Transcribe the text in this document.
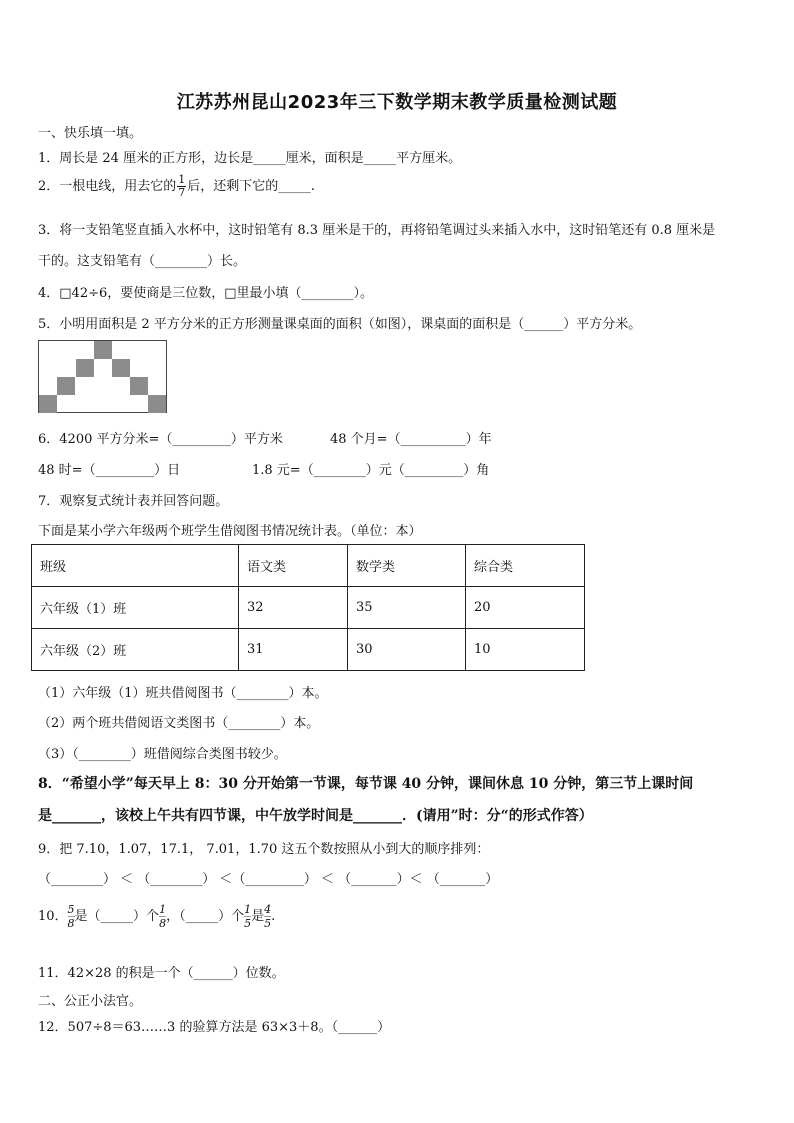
江苏苏州昆山2023年三下数学期末教学质量检测试题
一、快乐填一填。
1．周长是 24 厘米的正方形，边长是_____厘米，面积是_____平方厘米。
2．一根电线，用去它的 $\frac{1}{7}$ 后，还剩下它的_____.
3．将一支铅笔竖直插入水杯中，这时铅笔有 8.3 厘米是干的，再将铅笔调过头来插入水中，这时铅笔还有 0.8 厘米是
干的。这支铅笔有（________）长。
4．□42÷6，要使商是三位数，□里最小填（________）。
5．小明用面积是 2 平方分米的正方形测量课桌面的面积（如图），课桌面的面积是（______）平方分米。
6．4200 平方分米=（_________）平方米	48 个月=（__________）年
48 时=（_________）日	1.8 元=（________）元（_________）角
7．观察复式统计表并回答问题。
下面是某小学六年级两个班学生借阅图书情况统计表。（单位：本）
班级	语文类	数学类	综合类
六年级（1）班	32	35	20
六年级（2）班	31	30	10
（1）六年级（1）班共借阅图书（________）本。
（2）两个班共借阅语文类图书（________）本。
（3）（________）班借阅综合类图书较少。
8．“希望小学”每天早上 8：30 分开始第一节课，每节课 40 分钟，课间休息 10 分钟，第三节上课时间
是_______，该校上午共有四节课，中午放学时间是_______．(请用”时：分“的形式作答）
9．把 7.10，1.07，17.1， 7.01，1.70 这五个数按照从小到大的顺序排列：
（________） ＜ （________） ＜（_________） ＜ （_______）＜ （_______）
10． $\frac{5}{8}$ 是（_____）个 $\frac{1}{8}$ ，（_____）个 $\frac{1}{5}$ 是 $\frac{4}{5}$ .
11．42×28 的积是一个（______）位数。
二、公正小法官。
12．507÷8＝63……3 的验算方法是 63×3＋8。（______）
